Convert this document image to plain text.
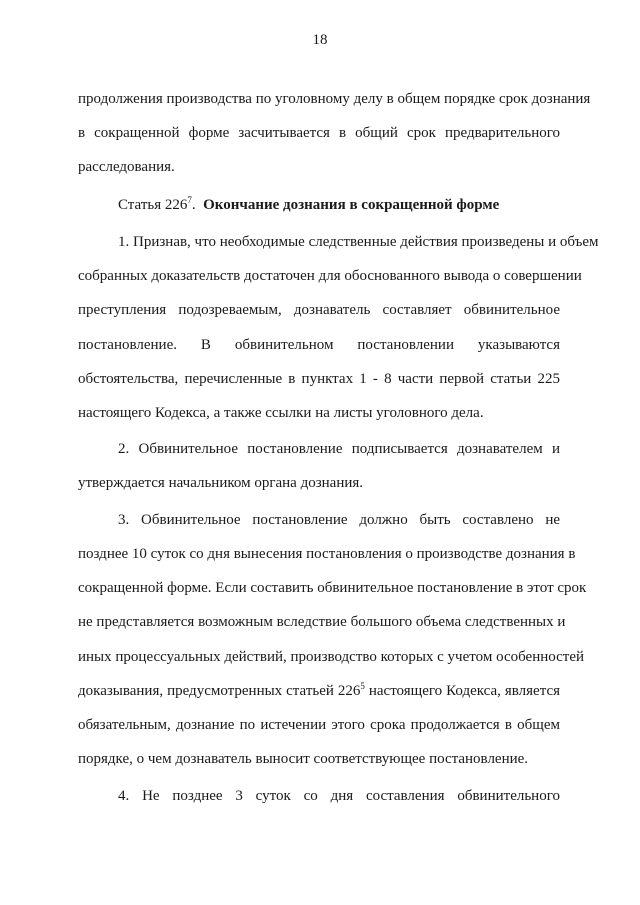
18
продолжения производства по уголовному делу в общем порядке срок дознания
в сокращенной форме засчитывается в общий срок предварительного
расследования.
Статья $226^7$. Окончание дознания в сокращенной форме
1. Признав, что необходимые следственные действия произведены и объем
собранных доказательств достаточен для обоснованного вывода о совершении
преступления подозреваемым, дознаватель составляет обвинительное
постановление. В обвинительном постановлении указываются
обстоятельства, перечисленные в пунктах 1 - 8 части первой статьи 225
настоящего Кодекса, а также ссылки на листы уголовного дела.
2. Обвинительное постановление подписывается дознавателем и
утверждается начальником органа дознания.
3. Обвинительное постановление должно быть составлено не
позднее 10 суток со дня вынесения постановления о производстве дознания в
сокращенной форме. Если составить обвинительное постановление в этот срок
не представляется возможным вследствие большого объема следственных и
иных процессуальных действий, производство которых с учетом особенностей
доказывания, предусмотренных статьей $226^5$ настоящего Кодекса, является
обязательным, дознание по истечении этого срока продолжается в общем
порядке, о чем дознаватель выносит соответствующее постановление.
4. Не позднее 3 суток со дня составления обвинительного
